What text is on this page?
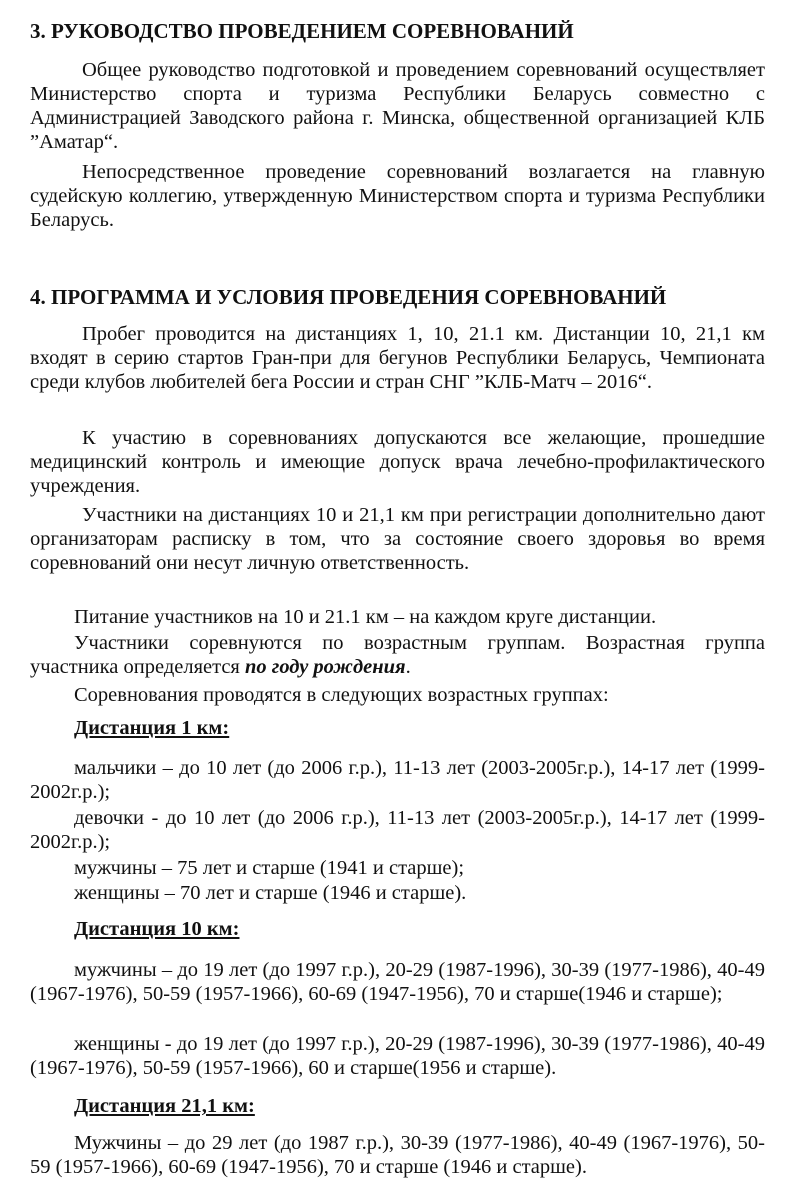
3. РУКОВОДСТВО ПРОВЕДЕНИЕМ СОРЕВНОВАНИЙ

Общее руководство подготовкой и проведением соревнований осуществляет Министерство спорта и туризма Республики Беларусь совместно с Администрацией Заводского района г. Минска, общественной организацией КЛБ ”Аматар“.

Непосредственное проведение соревнований возлагается на главную судейскую коллегию, утвержденную Министерством спорта и туризма Республики Беларусь.

4. ПРОГРАММА И УСЛОВИЯ ПРОВЕДЕНИЯ СОРЕВНОВАНИЙ

Пробег проводится на дистанциях 1, 10, 21.1 км. Дистанции 10, 21,1 км входят в серию стартов Гран-при для бегунов Республики Беларусь, Чемпионата среди клубов любителей бега России и стран СНГ ”КЛБ-Матч – 2016“.

К участию в соревнованиях допускаются все желающие, прошедшие медицинский контроль и имеющие допуск врача лечебно-профилактического учреждения.

Участники на дистанциях 10 и 21,1 км при регистрации дополнительно дают организаторам расписку в том, что за состояние своего здоровья во время соревнований они несут личную ответственность.

Питание участников на 10 и 21.1 км – на каждом круге дистанции.

Участники соревнуются по возрастным группам. Возрастная группа участника определяется по году рождения.

Соревнования проводятся в следующих возрастных группах:

Дистанция 1 км:

мальчики – до 10 лет (до 2006 г.р.), 11-13 лет (2003-2005г.р.), 14-17 лет (1999-2002г.р.);

девочки - до 10 лет (до 2006 г.р.), 11-13 лет (2003-2005г.р.), 14-17 лет (1999-2002г.р.);

мужчины – 75 лет и старше (1941 и старше);

женщины – 70 лет и старше (1946 и старше).

Дистанция 10 км:

мужчины – до 19 лет (до 1997 г.р.), 20-29 (1987-1996), 30-39 (1977-1986), 40-49 (1967-1976), 50-59 (1957-1966), 60-69 (1947-1956), 70 и старше(1946 и старше);

женщины - до 19 лет (до 1997 г.р.), 20-29 (1987-1996), 30-39 (1977-1986), 40-49 (1967-1976), 50-59 (1957-1966), 60 и старше(1956 и старше).

Дистанция 21,1 км:

Мужчины – до 29 лет (до 1987 г.р.), 30-39 (1977-1986), 40-49 (1967-1976), 50-59 (1957-1966), 60-69 (1947-1956), 70 и старше (1946 и старше).
